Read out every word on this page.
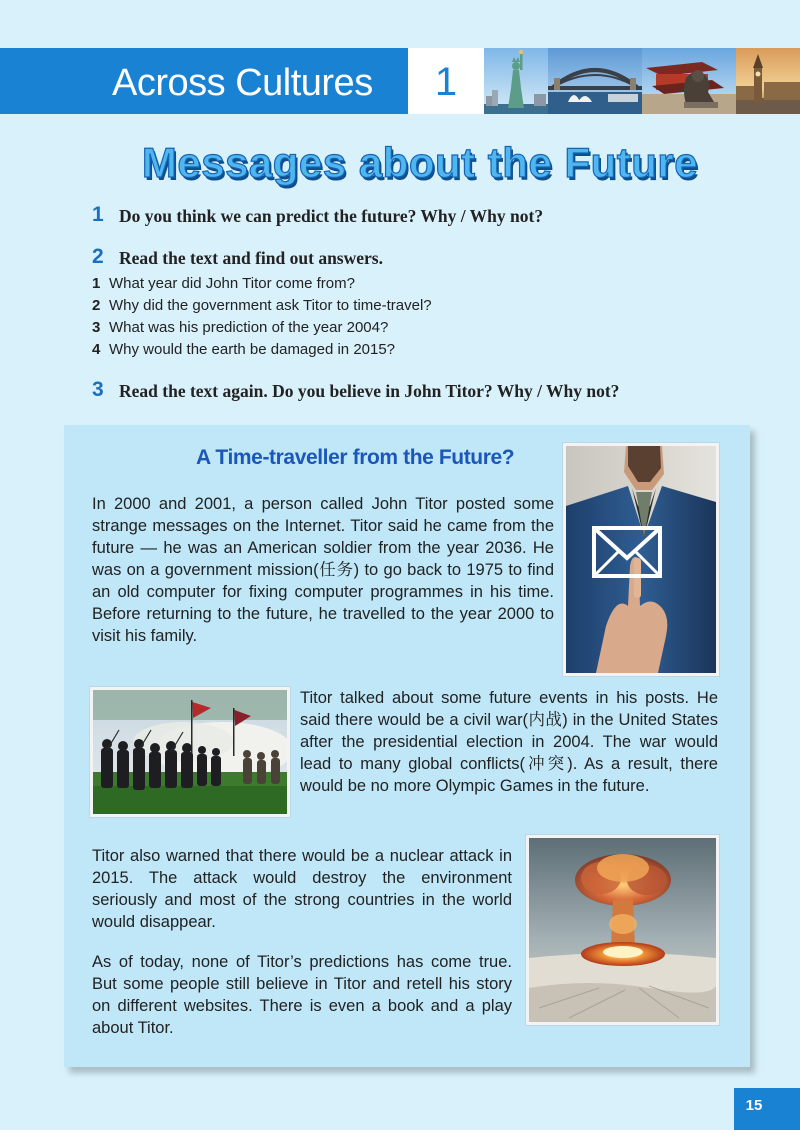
Across Cultures	1
Messages about the Future
1 Do you think we can predict the future? Why / Why not?
2 Read the text and find out answers.
1 What year did John Titor come from?
2 Why did the government ask Titor to time-travel?
3 What was his prediction of the year 2004?
4 Why would the earth be damaged in 2015?
3 Read the text again. Do you believe in John Titor? Why / Why not?
A Time-traveller from the Future?

In 2000 and 2001, a person called John Titor posted some strange messages on the Internet. Titor said he came from the future — he was an American soldier from the year 2036. He was on a government mission(任务) to go back to 1975 to find an old computer for fixing computer programmes in his time. Before returning to the future, he travelled to the year 2000 to visit his family.

Titor talked about some future events in his posts. He said there would be a civil war(内战) in the United States after the presidential election in 2004. The war would lead to many global conflicts(冲突). As a result, there would be no more Olympic Games in the future.

Titor also warned that there would be a nuclear attack in 2015. The attack would destroy the environment seriously and most of the strong countries in the world would disappear.

As of today, none of Titor’s predictions has come true. But some people still believe in Titor and retell his story on different websites. There is even a book and a play about Titor.

15
